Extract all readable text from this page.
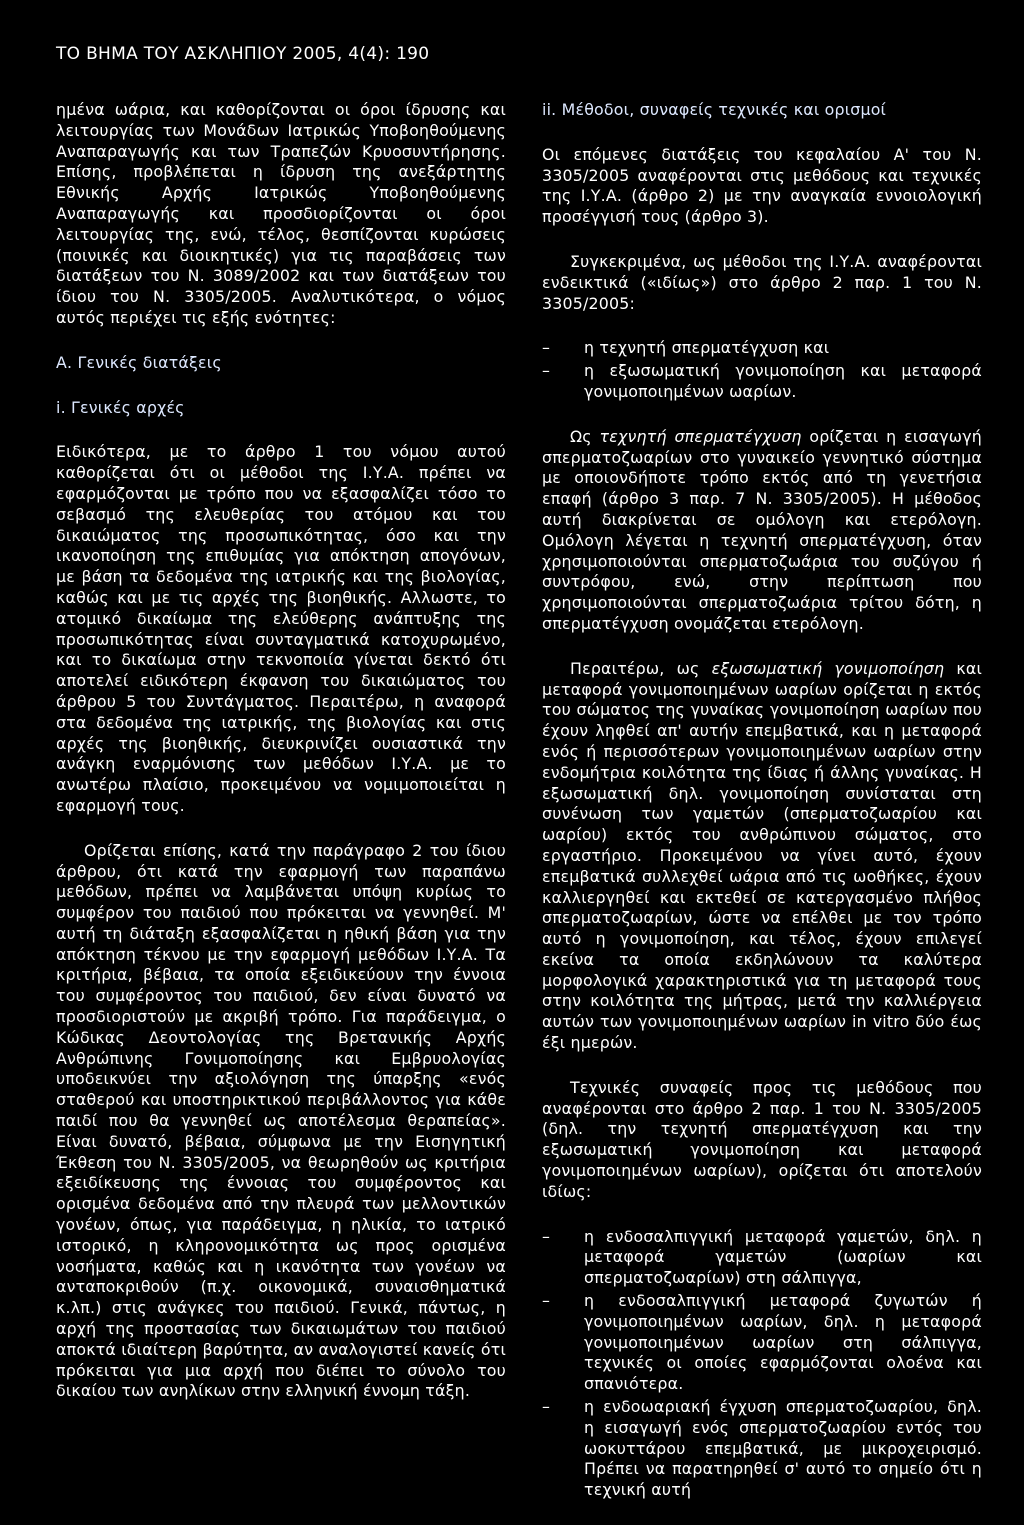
ΤΟ ΒΗΜΑ ΤΟΥ ΑΣΚΛΗΠΙΟΥ 2005, 4(4): 190

ημένα ωάρια, και καθορίζονται οι όροι ίδρυσης και λειτουργίας των Μονάδων Ιατρικώς Υποβοηθούμενης Αναπαραγωγής και των Τραπεζών Κρυοσυντήρησης. Επίσης, προβλέπεται η ίδρυση της ανεξάρτητης Εθνικής Αρχής Ιατρικώς Υποβοηθούμενης Αναπαραγωγής και προσδιορίζονται οι όροι λειτουργίας της, ενώ, τέλος, θεσπίζονται κυρώσεις (ποινικές και διοικητικές) για τις παραβάσεις των διατάξεων του Ν. 3089/2002 και των διατάξεων του ίδιου του Ν. 3305/2005. Αναλυτικότερα, ο νόμος αυτός περιέχει τις εξής ενότητες:

Α. Γενικές διατάξεις
i. Γενικές αρχές

Ειδικότερα, με το άρθρο 1 του νόμου αυτού καθορίζεται ότι οι μέθοδοι της Ι.Υ.Α. πρέπει να εφαρμόζονται με τρόπο που να εξασφαλίζει τόσο το σεβασμό της ελευθερίας του ατόμου και του δικαιώματος της προσωπικότητας, όσο και την ικανοποίηση της επιθυμίας για απόκτηση απογόνων, με βάση τα δεδομένα της ιατρικής και της βιολογίας, καθώς και με τις αρχές της βιοηθικής. Αλλωστε, το ατομικό δικαίωμα της ελεύθερης ανάπτυξης της προσωπικότητας είναι συνταγματικά κατοχυρωμένο, και το δικαίωμα στην τεκνοποιία γίνεται δεκτό ότι αποτελεί ειδικότερη έκφανση του δικαιώματος του άρθρου 5 του Συντάγματος. Περαιτέρω, η αναφορά στα δεδομένα της ιατρικής, της βιολογίας και στις αρχές της βιοηθικής, διευκρινίζει ουσιαστικά την ανάγκη εναρμόνισης των μεθόδων Ι.Υ.Α. με το ανωτέρω πλαίσιο, προκειμένου να νομιμοποιείται η εφαρμογή τους.

Ορίζεται επίσης, κατά την παράγραφο 2 του ίδιου άρθρου, ότι κατά την εφαρμογή των παραπάνω μεθόδων, πρέπει να λαμβάνεται υπόψη κυρίως το συμφέρον του παιδιού που πρόκειται να γεννηθεί. Μ' αυτή τη διάταξη εξασφαλίζεται η ηθική βάση για την απόκτηση τέκνου με την εφαρμογή μεθόδων Ι.Υ.Α. Τα κριτήρια, βέβαια, τα οποία εξειδικεύουν την έννοια του συμφέροντος του παιδιού, δεν είναι δυνατό να προσδιοριστούν με ακριβή τρόπο. Για παράδειγμα, ο Κώδικας Δεοντολογίας της Βρετανικής Αρχής Ανθρώπινης Γονιμοποίησης και Εμβρυολογίας υποδεικνύει την αξιολόγηση της ύπαρξης «ενός σταθερού και υποστηρικτικού περιβάλλοντος για κάθε παιδί που θα γεννηθεί ως αποτέλεσμα θεραπείας». Είναι δυνατό, βέβαια, σύμφωνα με την Εισηγητική Έκθεση του Ν. 3305/2005, να θεωρηθούν ως κριτήρια εξειδίκευσης της έννοιας του συμφέροντος και ορισμένα δεδομένα από την πλευρά των μελλοντικών γονέων, όπως, για παράδειγμα, η ηλικία, το ιατρικό ιστορικό, η κληρονομικότητα ως προς ορισμένα νοσήματα, καθώς και η ικανότητα των γονέων να ανταποκριθούν (π.χ. οικονομικά, συναισθηματικά κ.λπ.) στις ανάγκες του παιδιού. Γενικά, πάντως, η αρχή της προστασίας των δικαιωμάτων του παιδιού αποκτά ιδιαίτερη βαρύτητα, αν αναλογιστεί κανείς ότι πρόκειται για μια αρχή που διέπει το σύνολο του δικαίου των ανηλίκων στην ελληνική έννομη τάξη.

ii. Μέθοδοι, συναφείς τεχνικές και ορισμοί

Οι επόμενες διατάξεις του κεφαλαίου Α' του Ν. 3305/2005 αναφέρονται στις μεθόδους και τεχνικές της Ι.Υ.Α. (άρθρο 2) με την αναγκαία εννοιολογική προσέγγισή τους (άρθρο 3).

Συγκεκριμένα, ως μέθοδοι της Ι.Υ.Α. αναφέρονται ενδεικτικά («ιδίως») στο άρθρο 2 παρ. 1 του Ν. 3305/2005:

– η τεχνητή σπερματέγχυση και
– η εξωσωματική γονιμοποίηση και μεταφορά γονιμοποιημένων ωαρίων.

Ως τεχνητή σπερματέγχυση ορίζεται η εισαγωγή σπερματοζωαρίων στο γυναικείο γεννητικό σύστημα με οποιονδήποτε τρόπο εκτός από τη γενετήσια επαφή (άρθρο 3 παρ. 7 Ν. 3305/2005). Η μέθοδος αυτή διακρίνεται σε ομόλογη και ετερόλογη. Ομόλογη λέγεται η τεχνητή σπερματέγχυση, όταν χρησιμοποιούνται σπερματοζωάρια του συζύγου ή συντρόφου, ενώ, στην περίπτωση που χρησιμοποιούνται σπερματοζωάρια τρίτου δότη, η σπερματέγχυση ονομάζεται ετερόλογη.

Περαιτέρω, ως εξωσωματική γονιμοποίηση και μεταφορά γονιμοποιημένων ωαρίων ορίζεται η εκτός του σώματος της γυναίκας γονιμοποίηση ωαρίων που έχουν ληφθεί απ' αυτήν επεμβατικά, και η μεταφορά ενός ή περισσότερων γονιμοποιημένων ωαρίων στην ενδομήτρια κοιλότητα της ίδιας ή άλλης γυναίκας. Η εξωσωματική δηλ. γονιμοποίηση συνίσταται στη συνένωση των γαμετών (σπερματοζωαρίου και ωαρίου) εκτός του ανθρώπινου σώματος, στο εργαστήριο. Προκειμένου να γίνει αυτό, έχουν επεμβατικά συλλεχθεί ωάρια από τις ωοθήκες, έχουν καλλιεργηθεί και εκτεθεί σε κατεργασμένο πλήθος σπερματοζωαρίων, ώστε να επέλθει με τον τρόπο αυτό η γονιμοποίηση, και τέλος, έχουν επιλεγεί εκείνα τα οποία εκδηλώνουν τα καλύτερα μορφολογικά χαρακτηριστικά για τη μεταφορά τους στην κοιλότητα της μήτρας, μετά την καλλιέργεια αυτών των γονιμοποιημένων ωαρίων in vitro δύο έως έξι ημερών.

Τεχνικές συναφείς προς τις μεθόδους που αναφέρονται στο άρθρο 2 παρ. 1 του Ν. 3305/2005 (δηλ. την τεχνητή σπερματέγχυση και την εξωσωματική γονιμοποίηση και μεταφορά γονιμοποιημένων ωαρίων), ορίζεται ότι αποτελούν ιδίως:

– η ενδοσαλπιγγική μεταφορά γαμετών, δηλ. η μεταφορά γαμετών (ωαρίων και σπερματοζωαρίων) στη σάλπιγγα,
– η ενδοσαλπιγγική μεταφορά ζυγωτών ή γονιμοποιημένων ωαρίων, δηλ. η μεταφορά γονιμοποιημένων ωαρίων στη σάλπιγγα, τεχνικές οι οποίες εφαρμόζονται ολοένα και σπανιότερα.
– η ενδοωαριακή έγχυση σπερματοζωαρίου, δηλ. η εισαγωγή ενός σπερματοζωαρίου εντός του ωοκυττάρου επεμβατικά, με μικροχειρισμό. Πρέπει να παρατηρηθεί σ' αυτό το σημείο ότι η τεχνική αυτή
